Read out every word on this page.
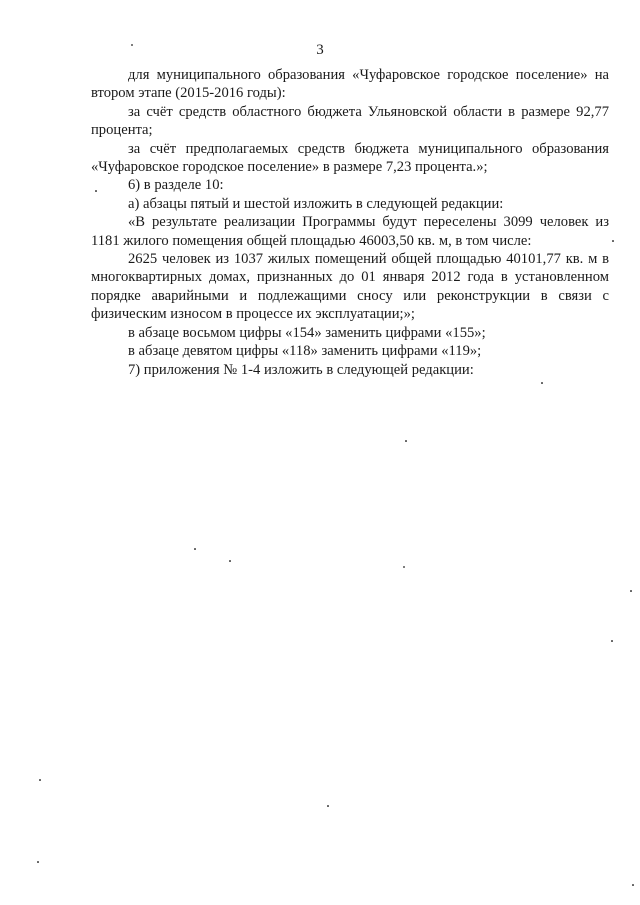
3

для муниципального образования «Чуфаровское городское поселение» на втором этапе (2015-2016 годы):

за счёт средств областного бюджета Ульяновской области в размере 92,77 процента;

за счёт предполагаемых средств бюджета муниципального образования «Чуфаровское городское поселение» в размере 7,23 процента.»;

6) в разделе 10:

а) абзацы пятый и шестой изложить в следующей редакции:

«В результате реализации Программы будут переселены 3099 человек из 1181 жилого помещения общей площадью 46003,50 кв. м, в том числе:

2625 человек из 1037 жилых помещений общей площадью 40101,77 кв. м в многоквартирных домах, признанных до 01 января 2012 года в установленном порядке аварийными и подлежащими сносу или реконструкции в связи с физическим износом в процессе их эксплуатации;»;

в абзаце восьмом цифры «154» заменить цифрами «155»;

в абзаце девятом цифры «118» заменить цифрами «119»;

7) приложения № 1-4 изложить в следующей редакции:
